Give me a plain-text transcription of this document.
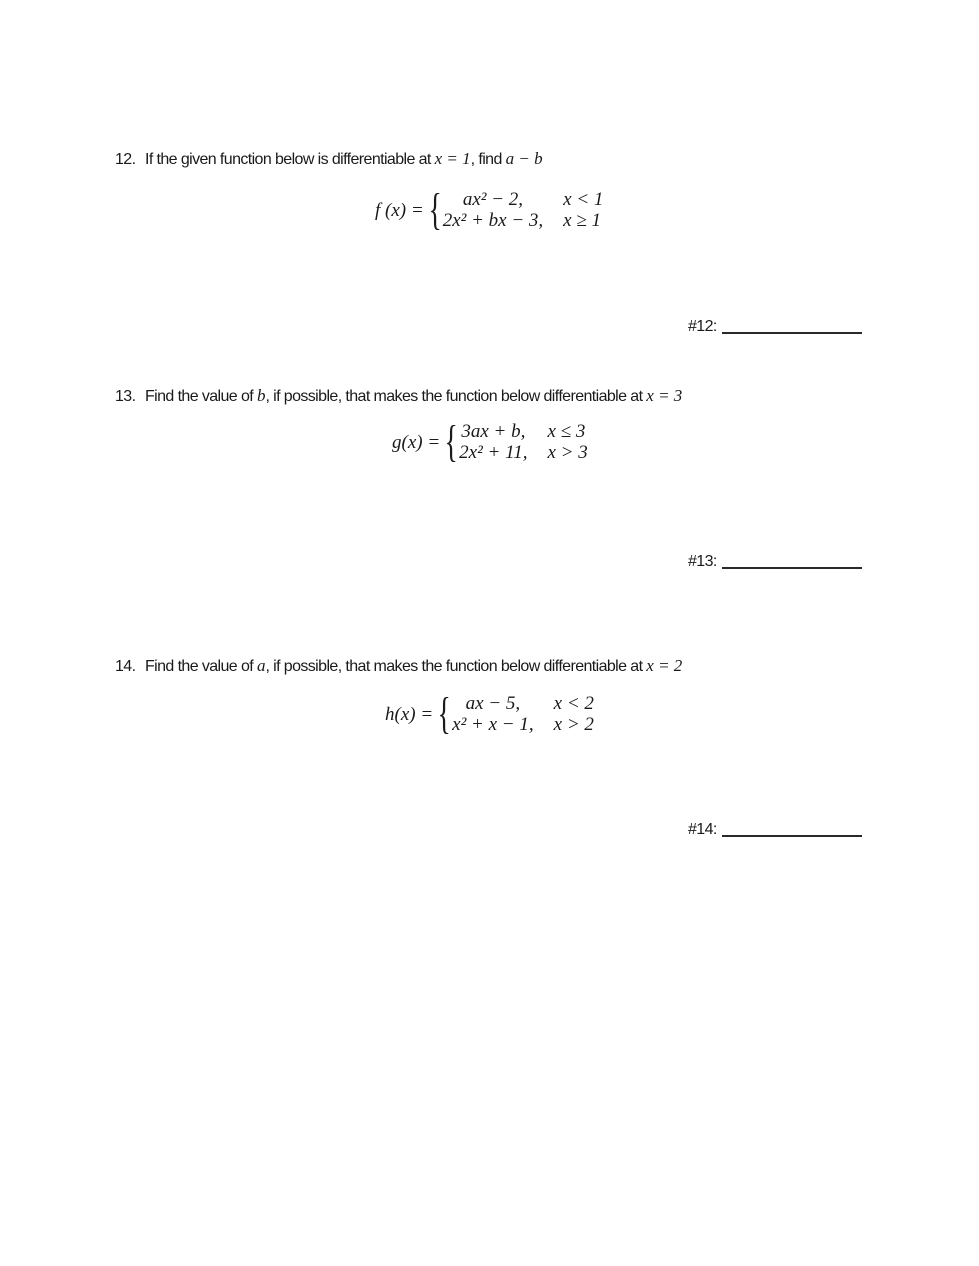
12. If the given function below is differentiable at x = 1, find a − b
f (x) = {	ax² − 2,	x < 1
2x² + bx − 3, x ≥ 1
#12:
13. Find the value of b, if possible, that makes the function below differentiable at x = 3
g(x) = { 3ax + b, x ≤ 3
2x² + 11, x > 3
#13:
14. Find the value of a, if possible, that makes the function below differentiable at x = 2
h(x) = { ax − 5,	x < 2
x² + x − 1, x > 2
#14:
